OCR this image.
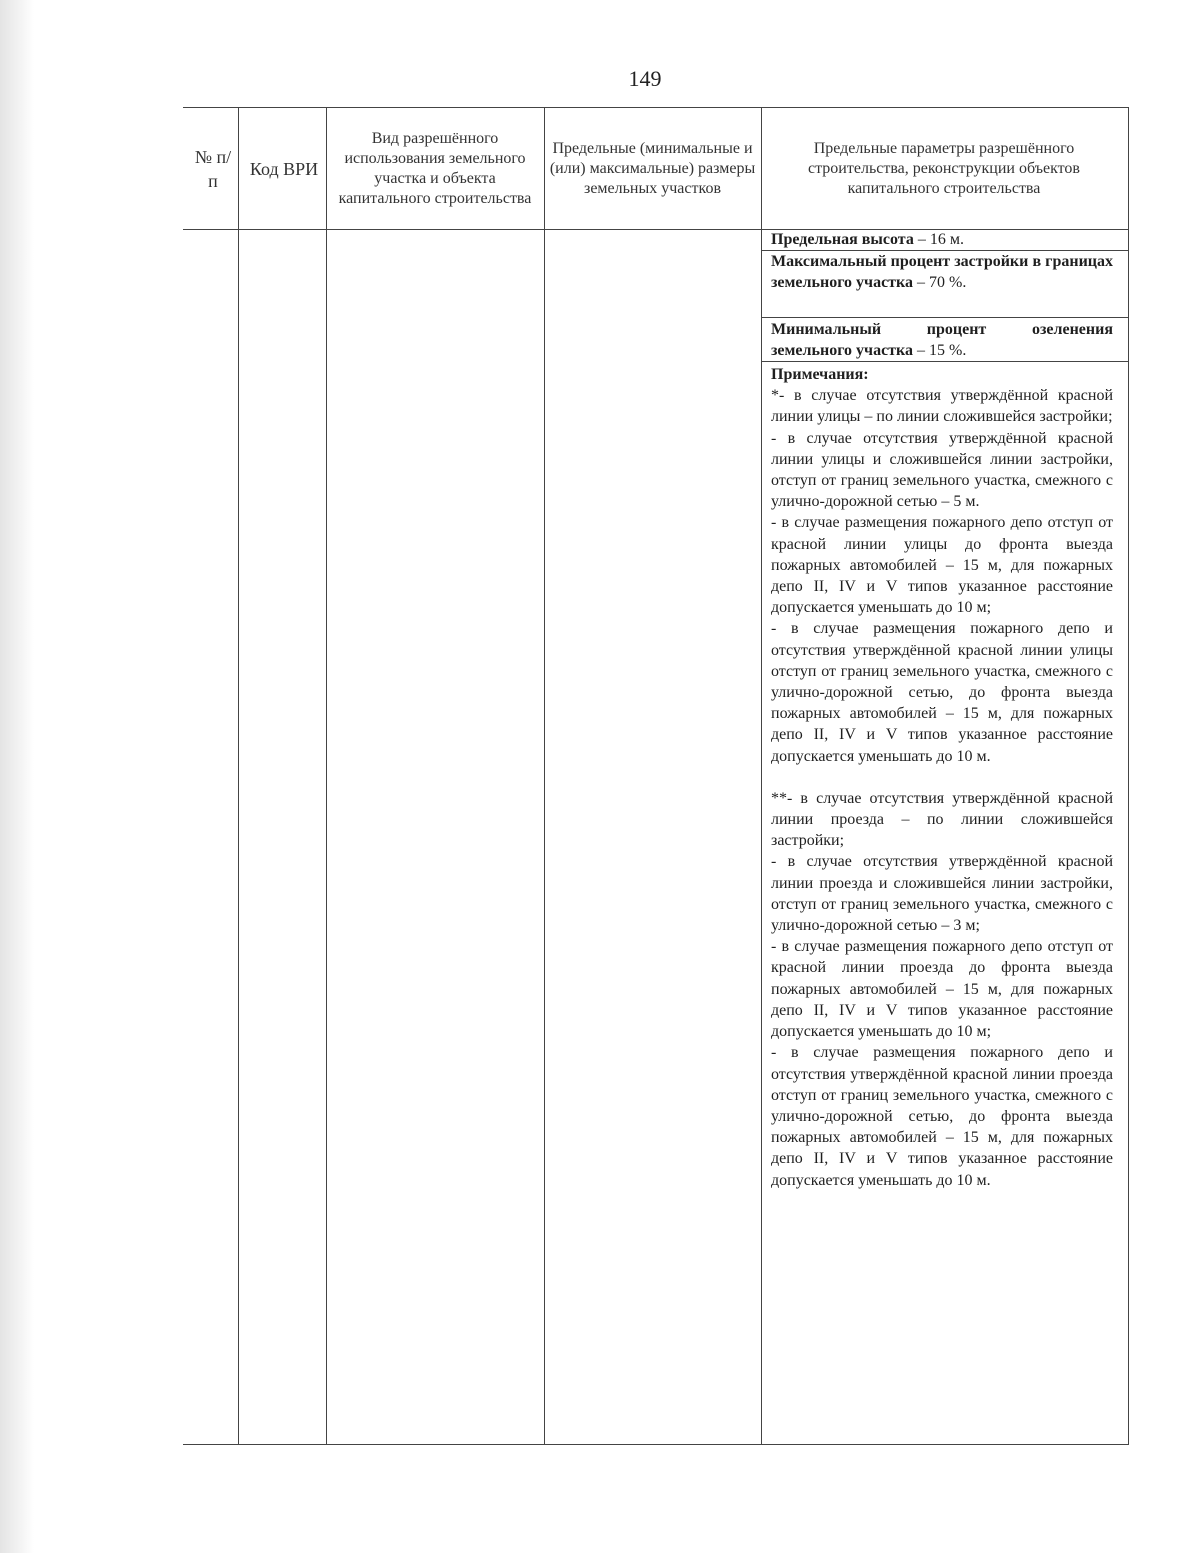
149
№ п/п
Код ВРИ
Вид разрешённого использования земельного участка и объекта капитального строительства
Предельные (минимальные и (или) максимальные) размеры земельных участков
Предельные параметры разрешённого строительства, реконструкции объектов капитального строительства
Предельная высота – 16 м.
Максимальный процент застройки в границах земельного участка – 70 %.
Минимальный процент озеленения земельного участка – 15 %.

Примечания:

*- в случае отсутствия утверждённой красной линии улицы – по линии сложившейся застройки;

- в случае отсутствия утверждённой красной линии улицы и сложившейся линии застройки, отступ от границ земельного участка, смежного с улично-дорожной сетью – 5 м.

- в случае размещения пожарного депо отступ от красной линии улицы до фронта выезда пожарных автомобилей – 15 м, для пожарных депо II, IV и V типов указанное расстояние допускается уменьшать до 10 м;

- в случае размещения пожарного депо и отсутствия утверждённой красной линии улицы отступ от границ земельного участка, смежного с улично-дорожной сетью, до фронта выезда пожарных автомобилей – 15 м, для пожарных депо II, IV и V типов указанное расстояние допускается уменьшать до 10 м.

**- в случае отсутствия утверждённой красной линии проезда – по линии сложившейся застройки;

- в случае отсутствия утверждённой красной линии проезда и сложившейся линии застройки, отступ от границ земельного участка, смежного с улично-дорожной сетью – 3 м;

- в случае размещения пожарного депо отступ от красной линии проезда до фронта выезда пожарных автомобилей – 15 м, для пожарных депо II, IV и V типов указанное расстояние допускается уменьшать до 10 м;

- в случае размещения пожарного депо и отсутствия утверждённой красной линии проезда отступ от границ земельного участка, смежного с улично-дорожной сетью, до фронта выезда пожарных автомобилей – 15 м, для пожарных депо II, IV и V типов указанное расстояние допускается уменьшать до 10 м.
